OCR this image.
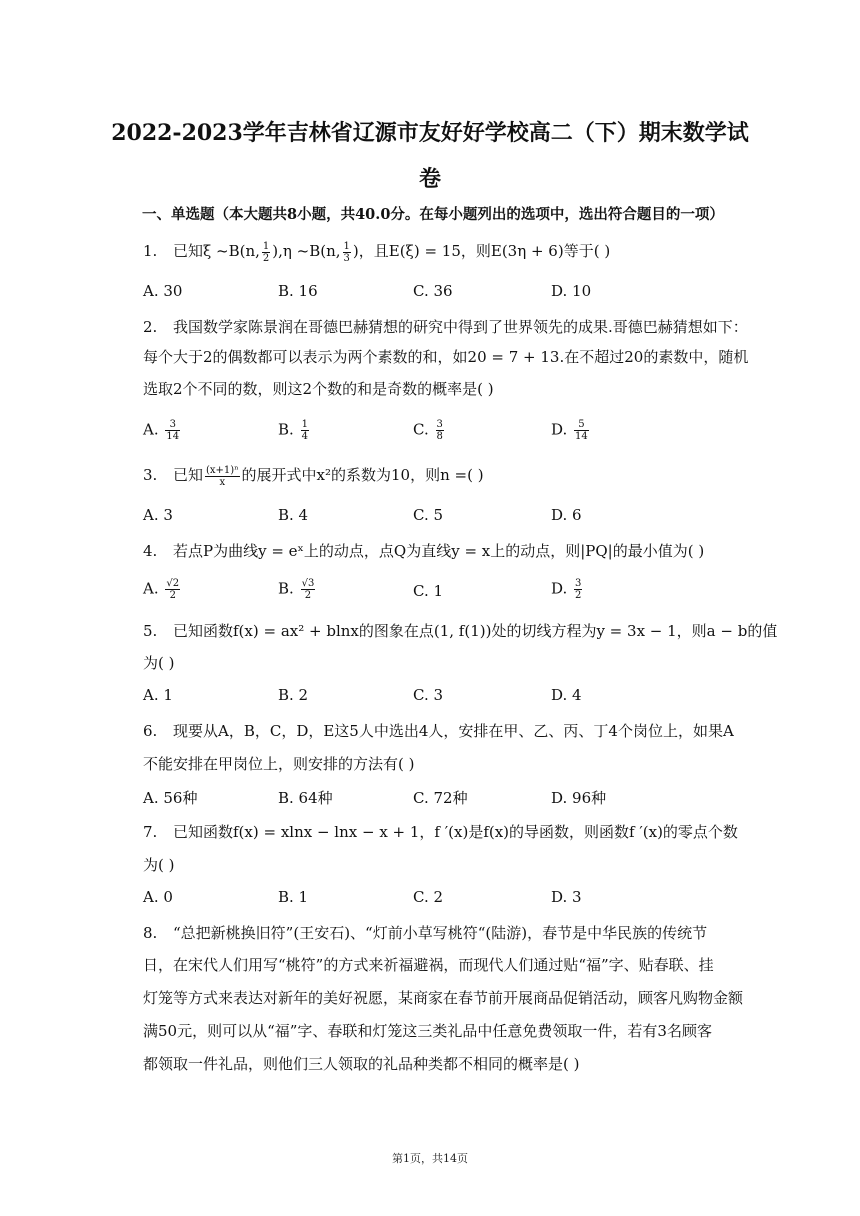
2022-2023学年吉林省辽源市友好好学校高二（下）期末数学试
卷
一、单选题（本大题共8小题，共40.0分。在每小题列出的选项中，选出符合题目的一项）
1. 已知ξ ~B(n, $\frac{1}{2} ),\eta$ ~B(n, $\frac{1}{3}$ )，且E(ξ) = 15，则E(3η + 6)等于( )
A. 30	B. 16	C. 36	D. 10
2. 我国数学家陈景润在哥德巴赫猜想的研究中得到了世界领先的成果.哥德巴赫猜想如下：
每个大于2的偶数都可以表示为两个素数的和，如20 = 7 + 13.在不超过20的素数中，随机
选取2个不同的数，则这2个数的和是奇数的概率是( )
A. $\frac{3}{14}$	B. $\frac{1}{4}$	C. $\frac{3}{8}$	D. $\frac{5}{14}$
3. 已知 $\frac{\text{(x+1)ⁿ}}{x}$ 的展开式中x²的系数为10，则n =( )
A. 3	B. 4	C. 5	D. 6
4. 若点P为曲线y = eˣ上的动点，点Q为直线y = x上的动点，则|PQ|的最小值为( )
A. $\frac{√2}{2}$	B. $\frac{√3}{2}$	C. 1	D. $\frac{3}{2}$
5. 已知函数f(x) = ax² + blnx的图象在点(1, f(1))处的切线方程为y = 3x − 1，则a − b的值
为( )
A. 1	B. 2	C. 3	D. 4
6. 现要从A，B，C，D，E这5人中选出4人，安排在甲、乙、丙、丁4个岗位上，如果A
不能安排在甲岗位上，则安排的方法有( )
A. 56种	B. 64种	C. 72种	D. 96种
7. 已知函数f(x) = xlnx − lnx − x + 1，f ′(x)是f(x)的导函数，则函数f ′(x)的零点个数
为( )
A. 0	B. 1	C. 2	D. 3
8. “总把新桃换旧符”(王安石)、“灯前小草写桃符“(陆游)，春节是中华民族的传统节
日，在宋代人们用写“桃符”的方式来祈福避祸，而现代人们通过贴“福”字、贴春联、挂
灯笼等方式来表达对新年的美好祝愿，某商家在春节前开展商品促销活动，顾客凡购物金额
满50元，则可以从“福”字、春联和灯笼这三类礼品中任意免费领取一件，若有3名顾客
都领取一件礼品，则他们三人领取的礼品种类都不相同的概率是( )
第1页，共14页
